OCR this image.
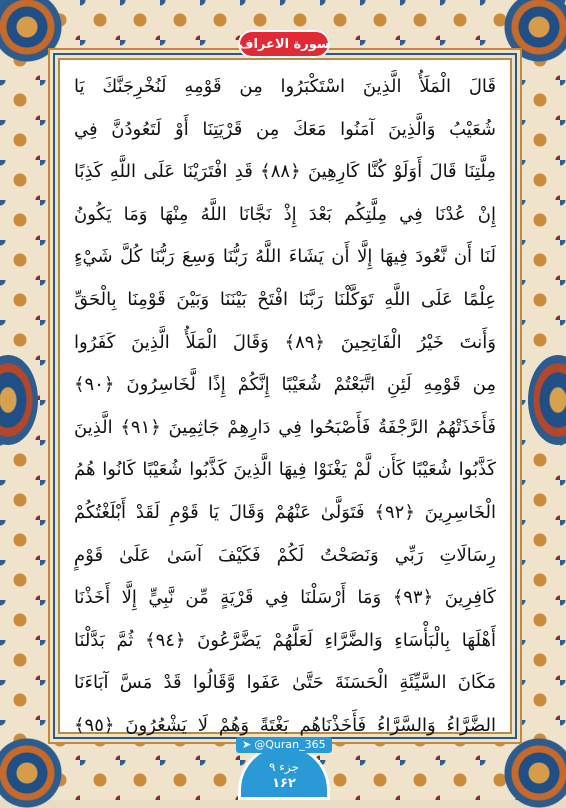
قَالَ الْمَلَأُ الَّذِينَ اسْتَكْبَرُوا مِن قَوْمِهِ لَنُخْرِجَنَّكَ يَا
شُعَيْبُ وَالَّذِينَ آمَنُوا مَعَكَ مِن قَرْيَتِنَا أَوْ لَتَعُودُنَّ فِي
مِلَّتِنَا قَالَ أَوَلَوْ كُنَّا كَارِهِينَ ﴿٨٨﴾ قَدِ افْتَرَيْنَا عَلَى اللَّهِ كَذِبًا
إِنْ عُدْنَا فِي مِلَّتِكُم بَعْدَ إِذْ نَجَّانَا اللَّهُ مِنْهَا وَمَا يَكُونُ
لَنَا أَن نَّعُودَ فِيهَا إِلَّا أَن يَشَاءَ اللَّهُ رَبُّنَا وَسِعَ رَبُّنَا كُلَّ شَيْءٍ
عِلْمًا عَلَى اللَّهِ تَوَكَّلْنَا رَبَّنَا افْتَحْ بَيْنَنَا وَبَيْنَ قَوْمِنَا بِالْحَقِّ
وَأَنتَ خَيْرُ الْفَاتِحِينَ ﴿٨٩﴾ وَقَالَ الْمَلَأُ الَّذِينَ كَفَرُوا
مِن قَوْمِهِ لَئِنِ اتَّبَعْتُمْ شُعَيْبًا إِنَّكُمْ إِذًا لَّخَاسِرُونَ ﴿٩٠﴾
فَأَخَذَتْهُمُ الرَّجْفَةُ فَأَصْبَحُوا فِي دَارِهِمْ جَاثِمِينَ ﴿٩١﴾ الَّذِينَ
كَذَّبُوا شُعَيْبًا كَأَن لَّمْ يَغْنَوْا فِيهَا الَّذِينَ كَذَّبُوا شُعَيْبًا كَانُوا هُمُ
الْخَاسِرِينَ ﴿٩٢﴾ فَتَوَلَّىٰ عَنْهُمْ وَقَالَ يَا قَوْمِ لَقَدْ أَبْلَغْتُكُمْ
رِسَالَاتِ رَبِّي وَنَصَحْتُ لَكُمْ فَكَيْفَ آسَىٰ عَلَىٰ قَوْمٍ
كَافِرِينَ ﴿٩٣﴾ وَمَا أَرْسَلْنَا فِي قَرْيَةٍ مِّن نَّبِيٍّ إِلَّا أَخَذْنَا
أَهْلَهَا بِالْبَأْسَاءِ وَالضَّرَّاءِ لَعَلَّهُمْ يَضَّرَّعُونَ ﴿٩٤﴾ ثُمَّ بَدَّلْنَا
مَكَانَ السَّيِّئَةِ الْحَسَنَةَ حَتَّىٰ عَفَوا وَّقَالُوا قَدْ مَسَّ آبَاءَنَا
الضَّرَّاءُ وَالسَّرَّاءُ فَأَخَذْنَاهُم بَغْتَةً وَهُمْ لَا يَشْعُرُونَ ﴿٩٥﴾
سورة الاعراف
جزء ۹
۱۶۲
➤ @Quran_365
